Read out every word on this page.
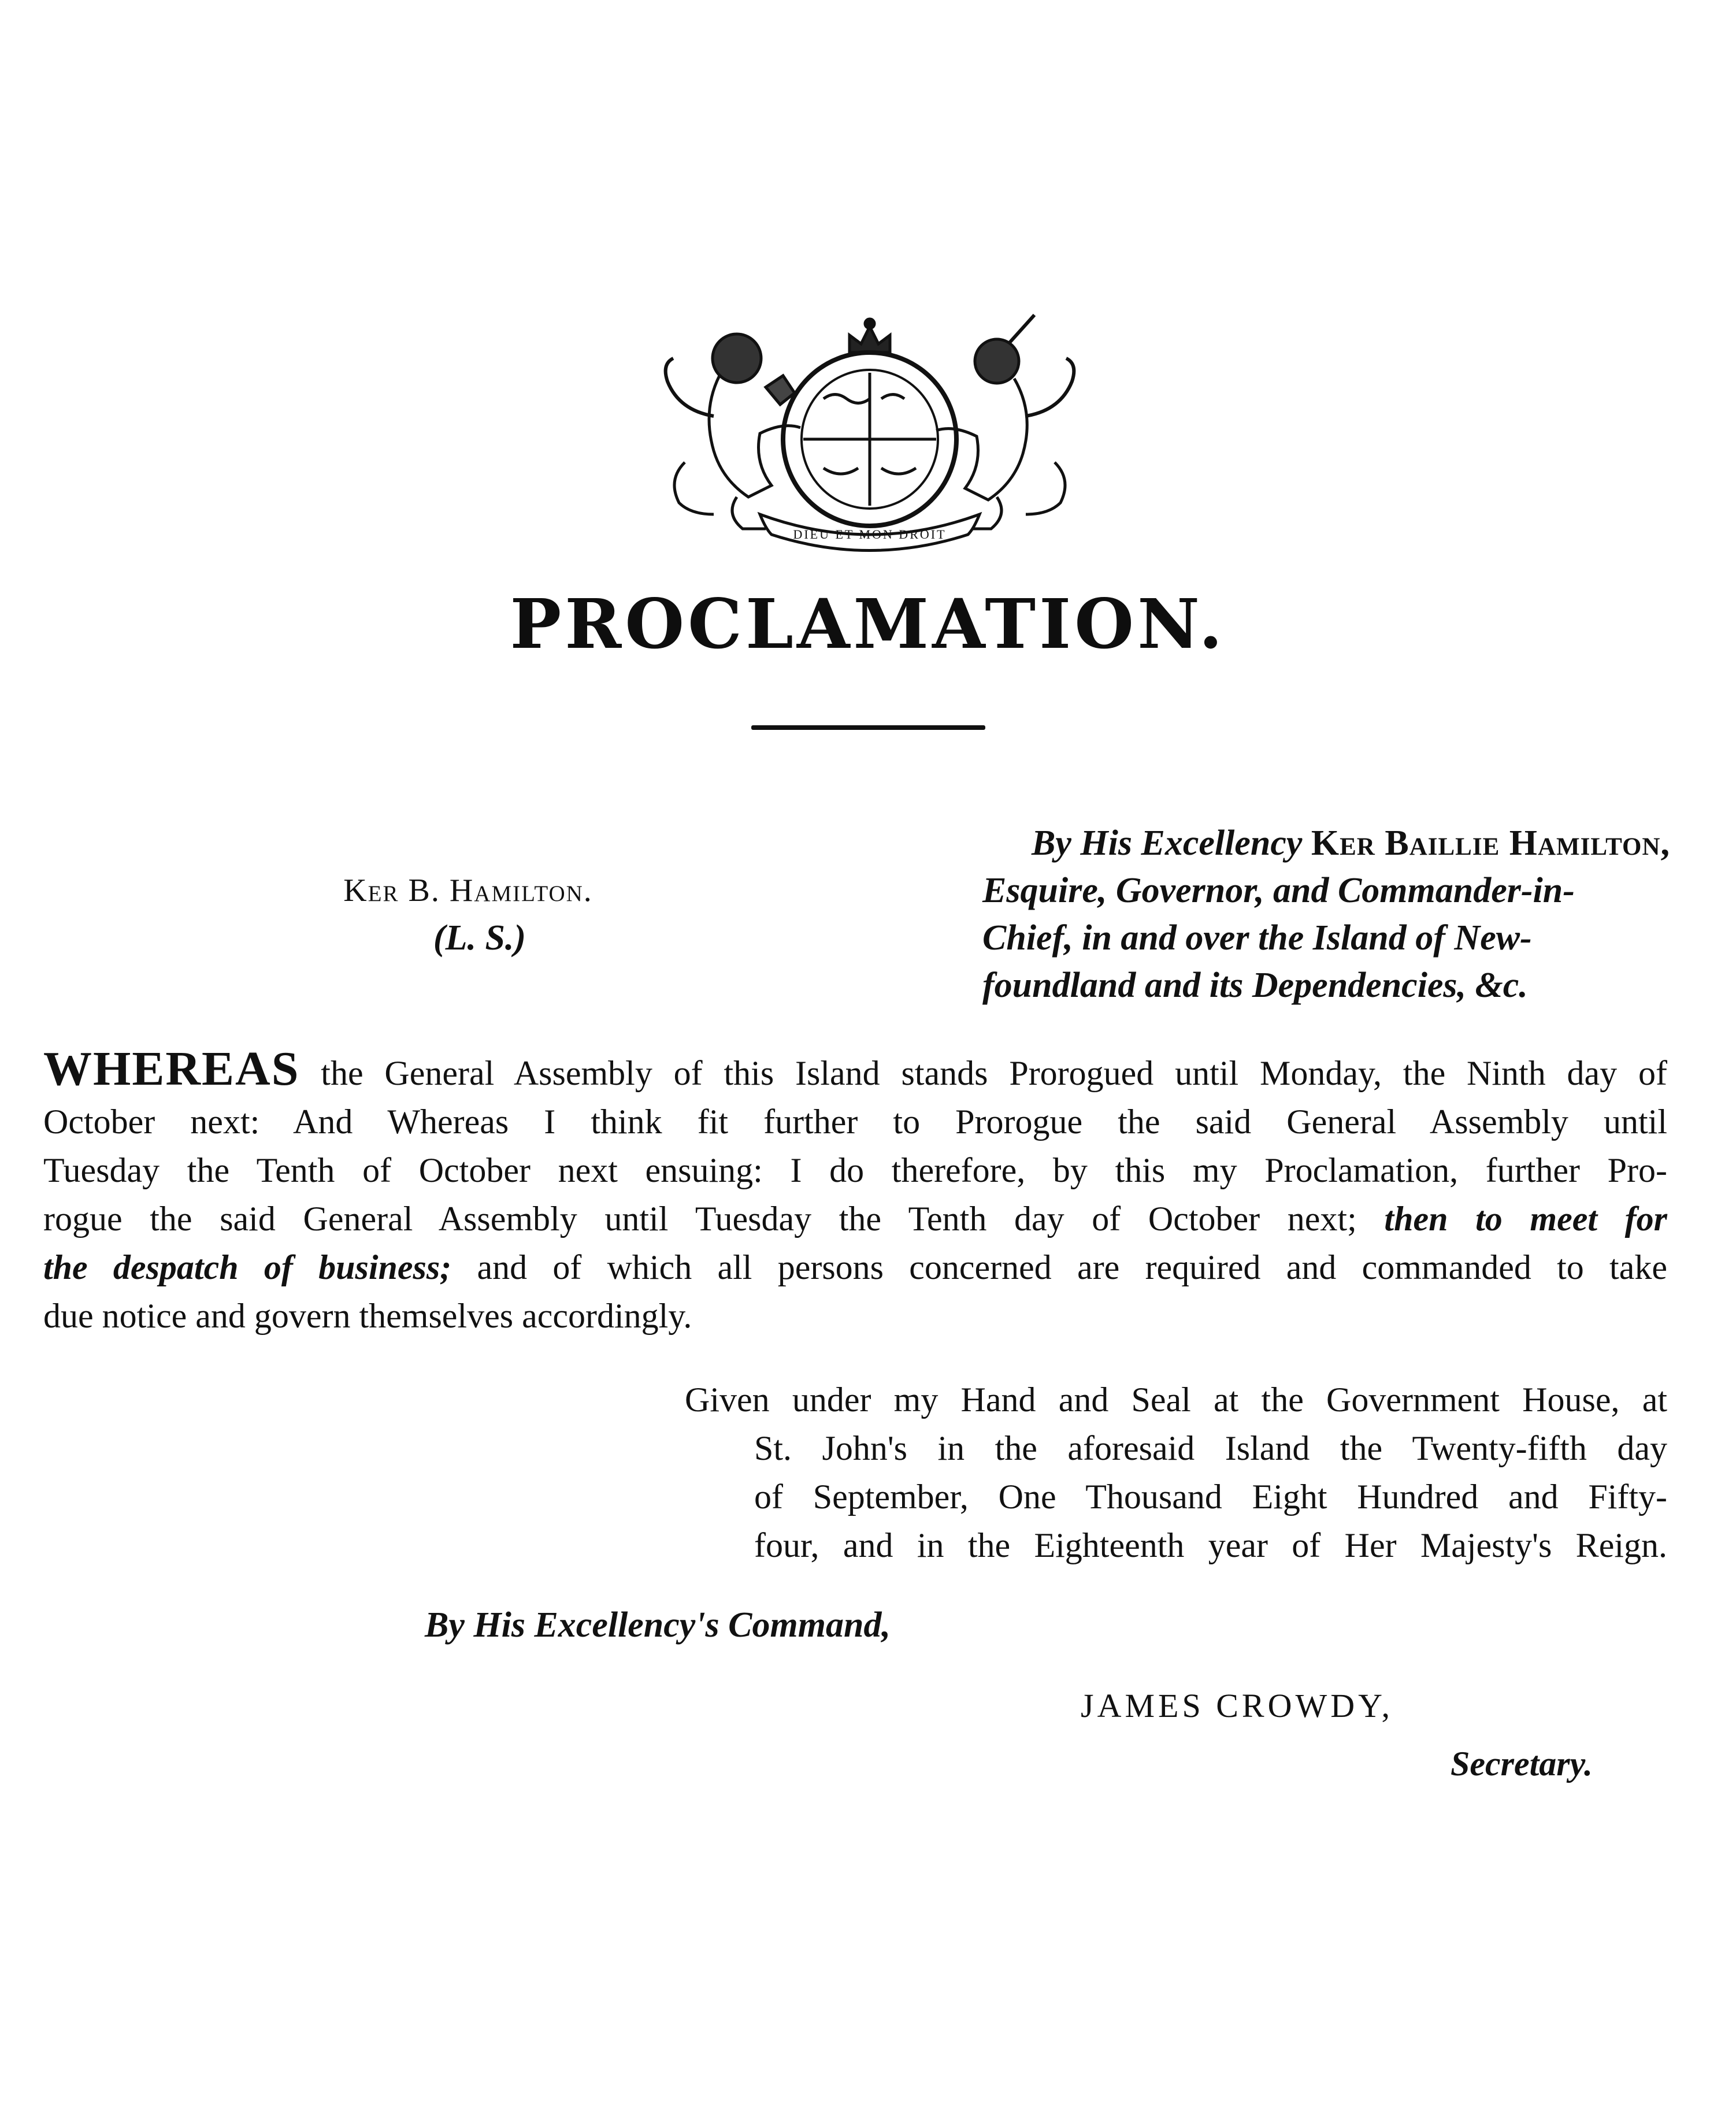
DIEU ET MON DROIT
PROCLAMATION.
Ker B. Hamilton.
(L. S.)
By His Excellency Ker Baillie Hamilton,
Esquire, Governor, and Commander-in-
Chief, in and over the Island of New-
foundland and its Dependencies, &c.
WHEREAS the General Assembly of this Island stands Prorogued until Monday, the Ninth day of
October next: And Whereas I think fit further to Prorogue the said General Assembly until
Tuesday the Tenth of October next ensuing: I do therefore, by this my Proclamation, further Pro-
rogue the said General Assembly until Tuesday the Tenth day of October next; then to meet for
the despatch of business; and of which all persons concerned are required and commanded to take
due notice and govern themselves accordingly.
Given under my Hand and Seal at the Government House, at
St. John's in the aforesaid Island the Twenty-fifth day
of September, One Thousand Eight Hundred and Fifty-
four, and in the Eighteenth year of Her Majesty's Reign.
By His Excellency's Command,
JAMES CROWDY,
Secretary.
